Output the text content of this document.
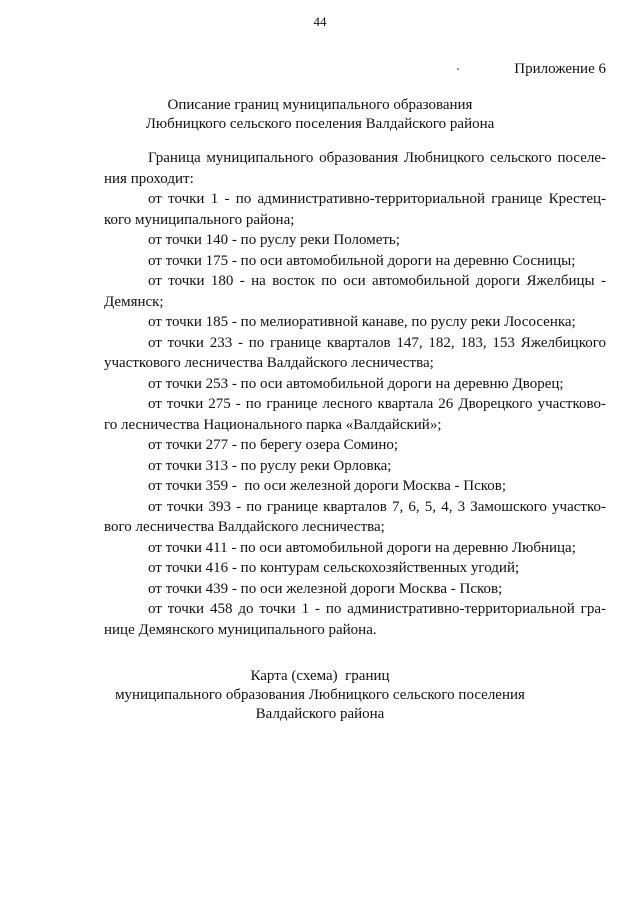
44
Приложение 6
Описание границ муниципального образования
Любницкого сельского поселения Валдайского района
Граница муниципального образования Любницкого сельского поселе-
ния проходит:
от точки 1 - по административно-территориальной границе Крестец-
кого муниципального района;
от точки 140 - по руслу реки Полометь;
от точки 175 - по оси автомобильной дороги на деревню Сосницы;
от точки 180 - на восток по оси автомобильной дороги Яжелбицы -
Демянск;
от точки 185 - по мелиоративной канаве, по руслу реки Лососенка;
от точки 233 - по границе кварталов 147, 182, 183, 153 Яжелбицкого
участкового лесничества Валдайского лесничества;
от точки 253 - по оси автомобильной дороги на деревню Дворец;
от точки 275 - по границе лесного квартала 26 Дворецкого участково-
го лесничества Национального парка «Валдайский»;
от точки 277 - по берегу озера Сомино;
от точки 313 - по руслу реки Орловка;
от точки 359 -  по оси железной дороги Москва - Псков;
от точки 393 - по границе кварталов 7, 6, 5, 4, 3 Замошского участко-
вого лесничества Валдайского лесничества;
от точки 411 - по оси автомобильной дороги на деревню Любница;
от точки 416 - по контурам сельскохозяйственных угодий;
от точки 439 - по оси железной дороги Москва - Псков;
от точки 458 до точки 1 - по административно-территориальной гра-
нице Демянского муниципального района.
Карта (схема)  границ
муниципального образования Любницкого сельского поселения
Валдайского района
